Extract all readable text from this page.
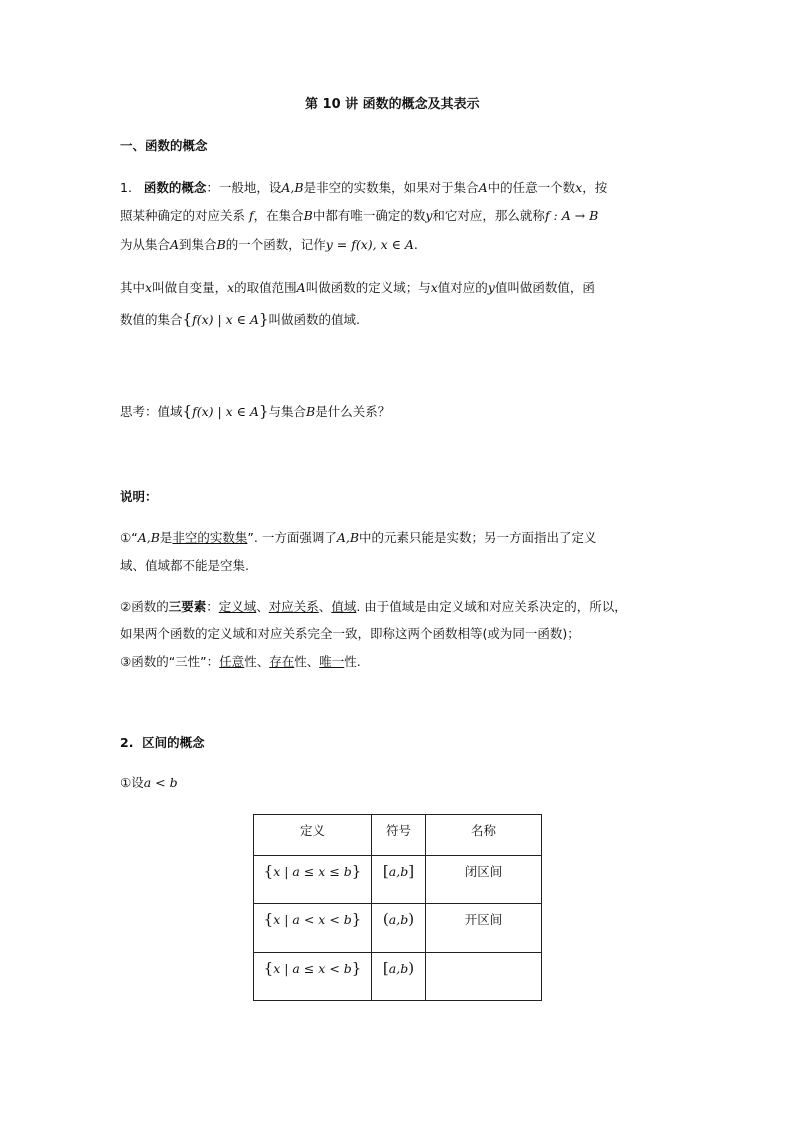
第 10 讲 函数的概念及其表示
一、函数的概念
1. 函数的概念：一般地，设A,B是非空的实数集，如果对于集合A中的任意一个数x，按
照某种确定的对应关系 f，在集合B中都有唯一确定的数y和它对应，那么就称f : A → B
为从集合A到集合B的一个函数，记作y = f(x), x ∈ A.
其中x叫做自变量，x的取值范围A叫做函数的定义域；与x值对应的y值叫做函数值，函
数值的集合{f(x) | x ∈ A}叫做函数的值域.
思考：值域{f(x) | x ∈ A}与集合B是什么关系？
说明：
①“A,B是非空的实数集”. 一方面强调了A,B中的元素只能是实数；另一方面指出了定义
域、值域都不能是空集.
②函数的三要素：定义域、对应关系、值域. 由于值域是由定义域和对应关系决定的，所以，
如果两个函数的定义域和对应关系完全一致，即称这两个函数相等(或为同一函数)；
③函数的“三性”：任意性、存在性、唯一性.
2. 区间的概念
①设a < b
定义	符号	名称
{x | a ≤ x ≤ b}	[a,b]	闭区间
{x | a < x < b}	(a,b)	开区间
{x | a ≤ x < b}	[a,b)	
